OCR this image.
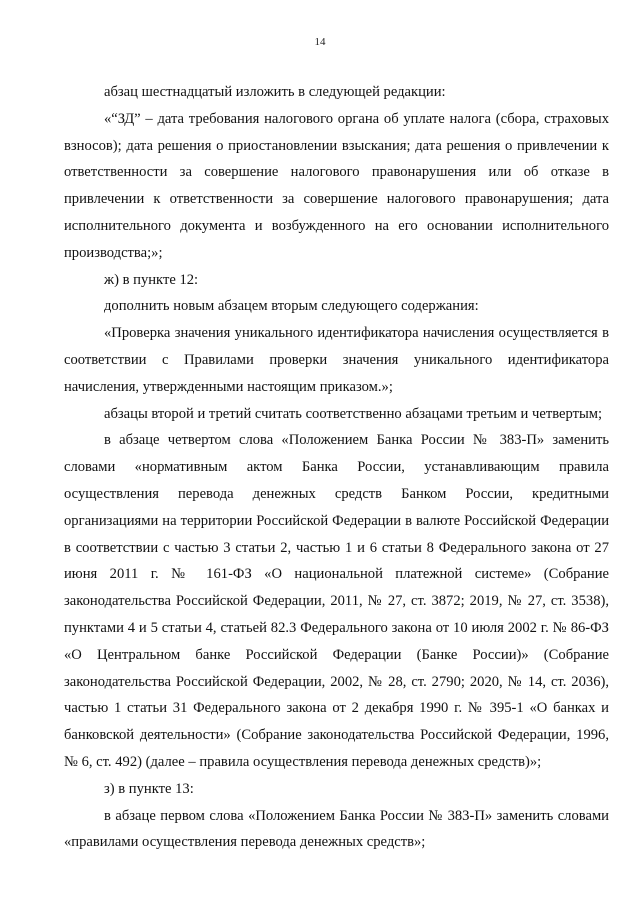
14

абзац шестнадцатый изложить в следующей редакции:

«“ЗД” – дата требования налогового органа об уплате налога (сбора, страховых взносов); дата решения о приостановлении взыскания; дата решения о привлечении к ответственности за совершение налогового правонарушения или об отказе в привлечении к ответственности за совершение налогового правонарушения; дата исполнительного документа и возбужденного на его основании исполнительного производства;»;

ж) в пункте 12:

дополнить новым абзацем вторым следующего содержания:

«Проверка значения уникального идентификатора начисления осуществляется в соответствии с Правилами проверки значения уникального идентификатора начисления, утвержденными настоящим приказом.»;

абзацы второй и третий считать соответственно абзацами третьим и четвертым;

в абзаце четвертом слова «Положением Банка России № 383-П» заменить словами «нормативным актом Банка России, устанавливающим правила осуществления перевода денежных средств Банком России, кредитными организациями на территории Российской Федерации в валюте Российской Федерации в соответствии с частью 3 статьи 2, частью 1 и 6 статьи 8 Федерального закона от 27 июня 2011 г. № 161-ФЗ «О национальной платежной системе» (Собрание законодательства Российской Федерации, 2011, № 27, ст. 3872; 2019, № 27, ст. 3538), пунктами 4 и 5 статьи 4, статьей 82.3 Федерального закона от 10 июля 2002 г. № 86-ФЗ «О Центральном банке Российской Федерации (Банке России)» (Собрание законодательства Российской Федерации, 2002, № 28, ст. 2790; 2020, № 14, ст. 2036), частью 1 статьи 31 Федерального закона от 2 декабря 1990 г. № 395-1 «О банках и банковской деятельности» (Собрание законодательства Российской Федерации, 1996, № 6, ст. 492) (далее – правила осуществления перевода денежных средств)»;

з) в пункте 13:

в абзаце первом слова «Положением Банка России № 383-П» заменить словами «правилами осуществления перевода денежных средств»;
